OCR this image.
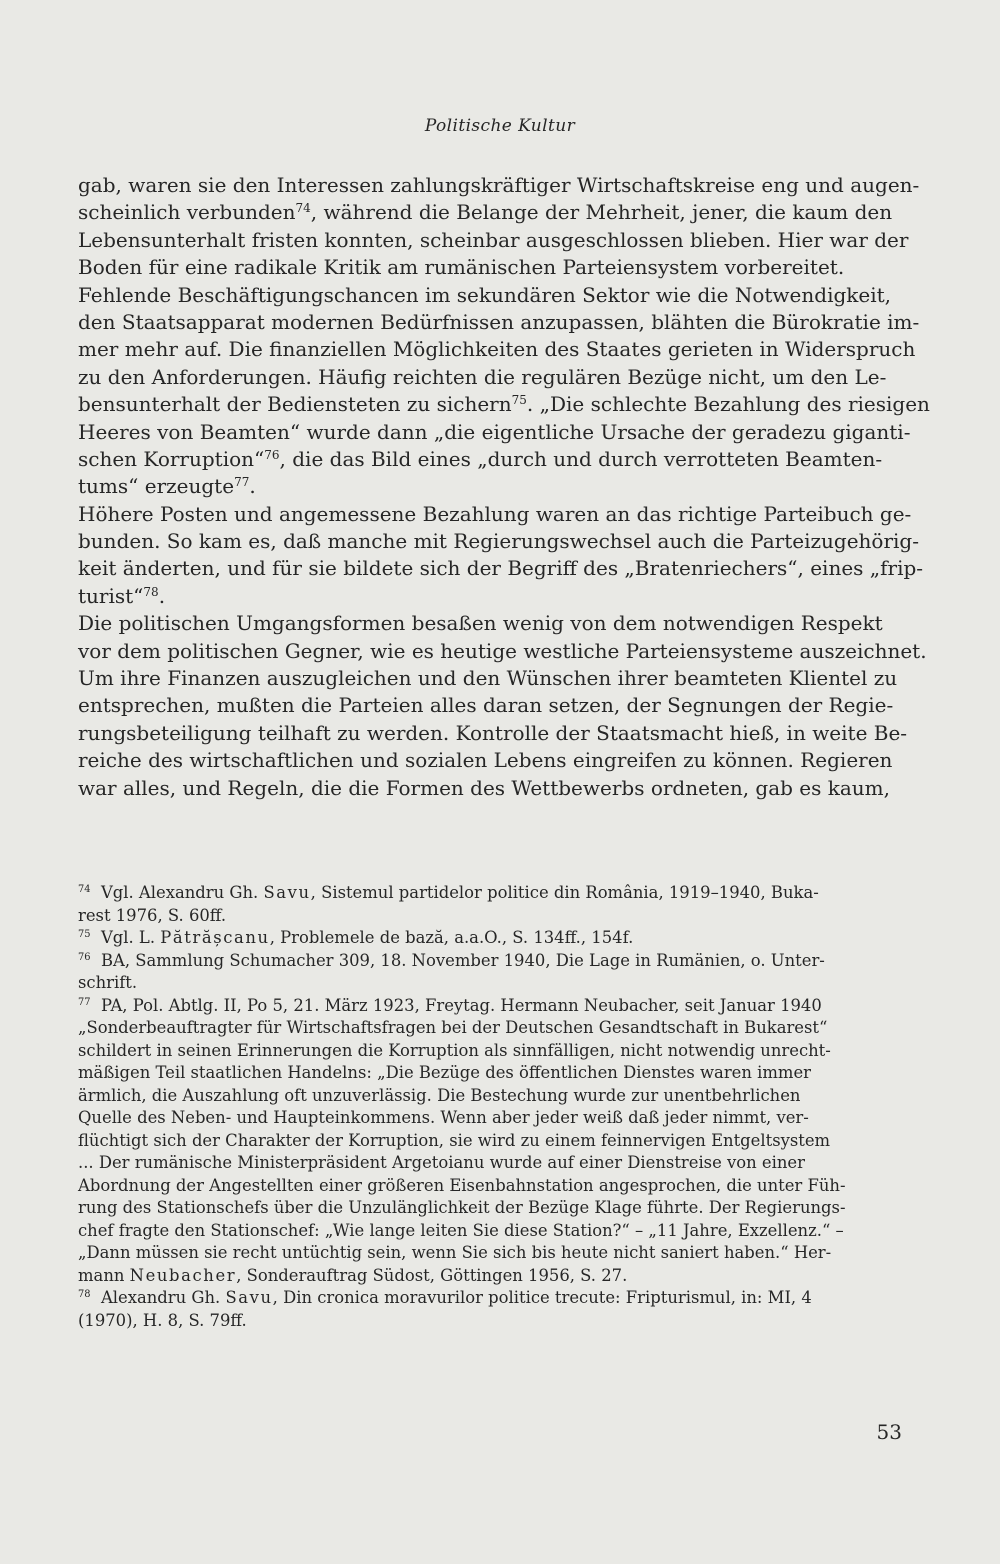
Politische Kultur
gab, waren sie den Interessen zahlungskräftiger Wirtschaftskreise eng und augen-
scheinlich verbunden$^{74}$, während die Belange der Mehrheit, jener, die kaum den
Lebensunterhalt fristen konnten, scheinbar ausgeschlossen blieben. Hier war der
Boden für eine radikale Kritik am rumänischen Parteiensystem vorbereitet.
Fehlende Beschäftigungschancen im sekundären Sektor wie die Notwendigkeit,
den Staatsapparat modernen Bedürfnissen anzupassen, blähten die Bürokratie im-
mer mehr auf. Die finanziellen Möglichkeiten des Staates gerieten in Widerspruch
zu den Anforderungen. Häufig reichten die regulären Bezüge nicht, um den Le-
bensunterhalt der Bediensteten zu sichern$^{75}$. „Die schlechte Bezahlung des riesigen
Heeres von Beamten“ wurde dann „die eigentliche Ursache der geradezu giganti-
schen Korruption“$^{76}$, die das Bild eines „durch und durch verrotteten Beamten-
tums“ erzeugte$^{77}$.
Höhere Posten und angemessene Bezahlung waren an das richtige Parteibuch ge-
bunden. So kam es, daß manche mit Regierungswechsel auch die Parteizugehörig-
keit änderten, und für sie bildete sich der Begriff des „Bratenriechers“, eines „frip-
turist“$^{78}$.
Die politischen Umgangsformen besaßen wenig von dem notwendigen Respekt
vor dem politischen Gegner, wie es heutige westliche Parteiensysteme auszeichnet.
Um ihre Finanzen auszugleichen und den Wünschen ihrer beamteten Klientel zu
entsprechen, mußten die Parteien alles daran setzen, der Segnungen der Regie-
rungsbeteiligung teilhaft zu werden. Kontrolle der Staatsmacht hieß, in weite Be-
reiche des wirtschaftlichen und sozialen Lebens eingreifen zu können. Regieren
war alles, und Regeln, die die Formen des Wettbewerbs ordneten, gab es kaum,
$^{74}$ Vgl. Alexandru Gh. Savu, Sistemul partidelor politice din România, 1919–1940, Buka-
rest 1976, S. 60ff.
$^{75}$ Vgl. L. Pătrășcanu, Problemele de bază, a.a.O., S. 134ff., 154f.
$^{76}$ BA, Sammlung Schumacher 309, 18. November 1940, Die Lage in Rumänien, o. Unter-
schrift.
$^{77}$ PA, Pol. Abtlg. II, Po 5, 21. März 1923, Freytag. Hermann Neubacher, seit Januar 1940
„Sonderbeauftragter für Wirtschaftsfragen bei der Deutschen Gesandtschaft in Bukarest“
schildert in seinen Erinnerungen die Korruption als sinnfälligen, nicht notwendig unrecht-
mäßigen Teil staatlichen Handelns: „Die Bezüge des öffentlichen Dienstes waren immer
ärmlich, die Auszahlung oft unzuverlässig. Die Bestechung wurde zur unentbehrlichen
Quelle des Neben- und Haupteinkommens. Wenn aber jeder weiß daß jeder nimmt, ver-
flüchtigt sich der Charakter der Korruption, sie wird zu einem feinnervigen Entgeltsystem
... Der rumänische Ministerpräsident Argetoianu wurde auf einer Dienstreise von einer
Abordnung der Angestellten einer größeren Eisenbahnstation angesprochen, die unter Füh-
rung des Stationschefs über die Unzulänglichkeit der Bezüge Klage führte. Der Regierungs-
chef fragte den Stationschef: „Wie lange leiten Sie diese Station?“ – „11 Jahre, Exzellenz.“ –
„Dann müssen sie recht untüchtig sein, wenn Sie sich bis heute nicht saniert haben.“ Her-
mann Neubacher, Sonderauftrag Südost, Göttingen 1956, S. 27.
$^{78}$ Alexandru Gh. Savu, Din cronica moravurilor politice trecute: Fripturismul, in: MI, 4
(1970), H. 8, S. 79ff.
53
